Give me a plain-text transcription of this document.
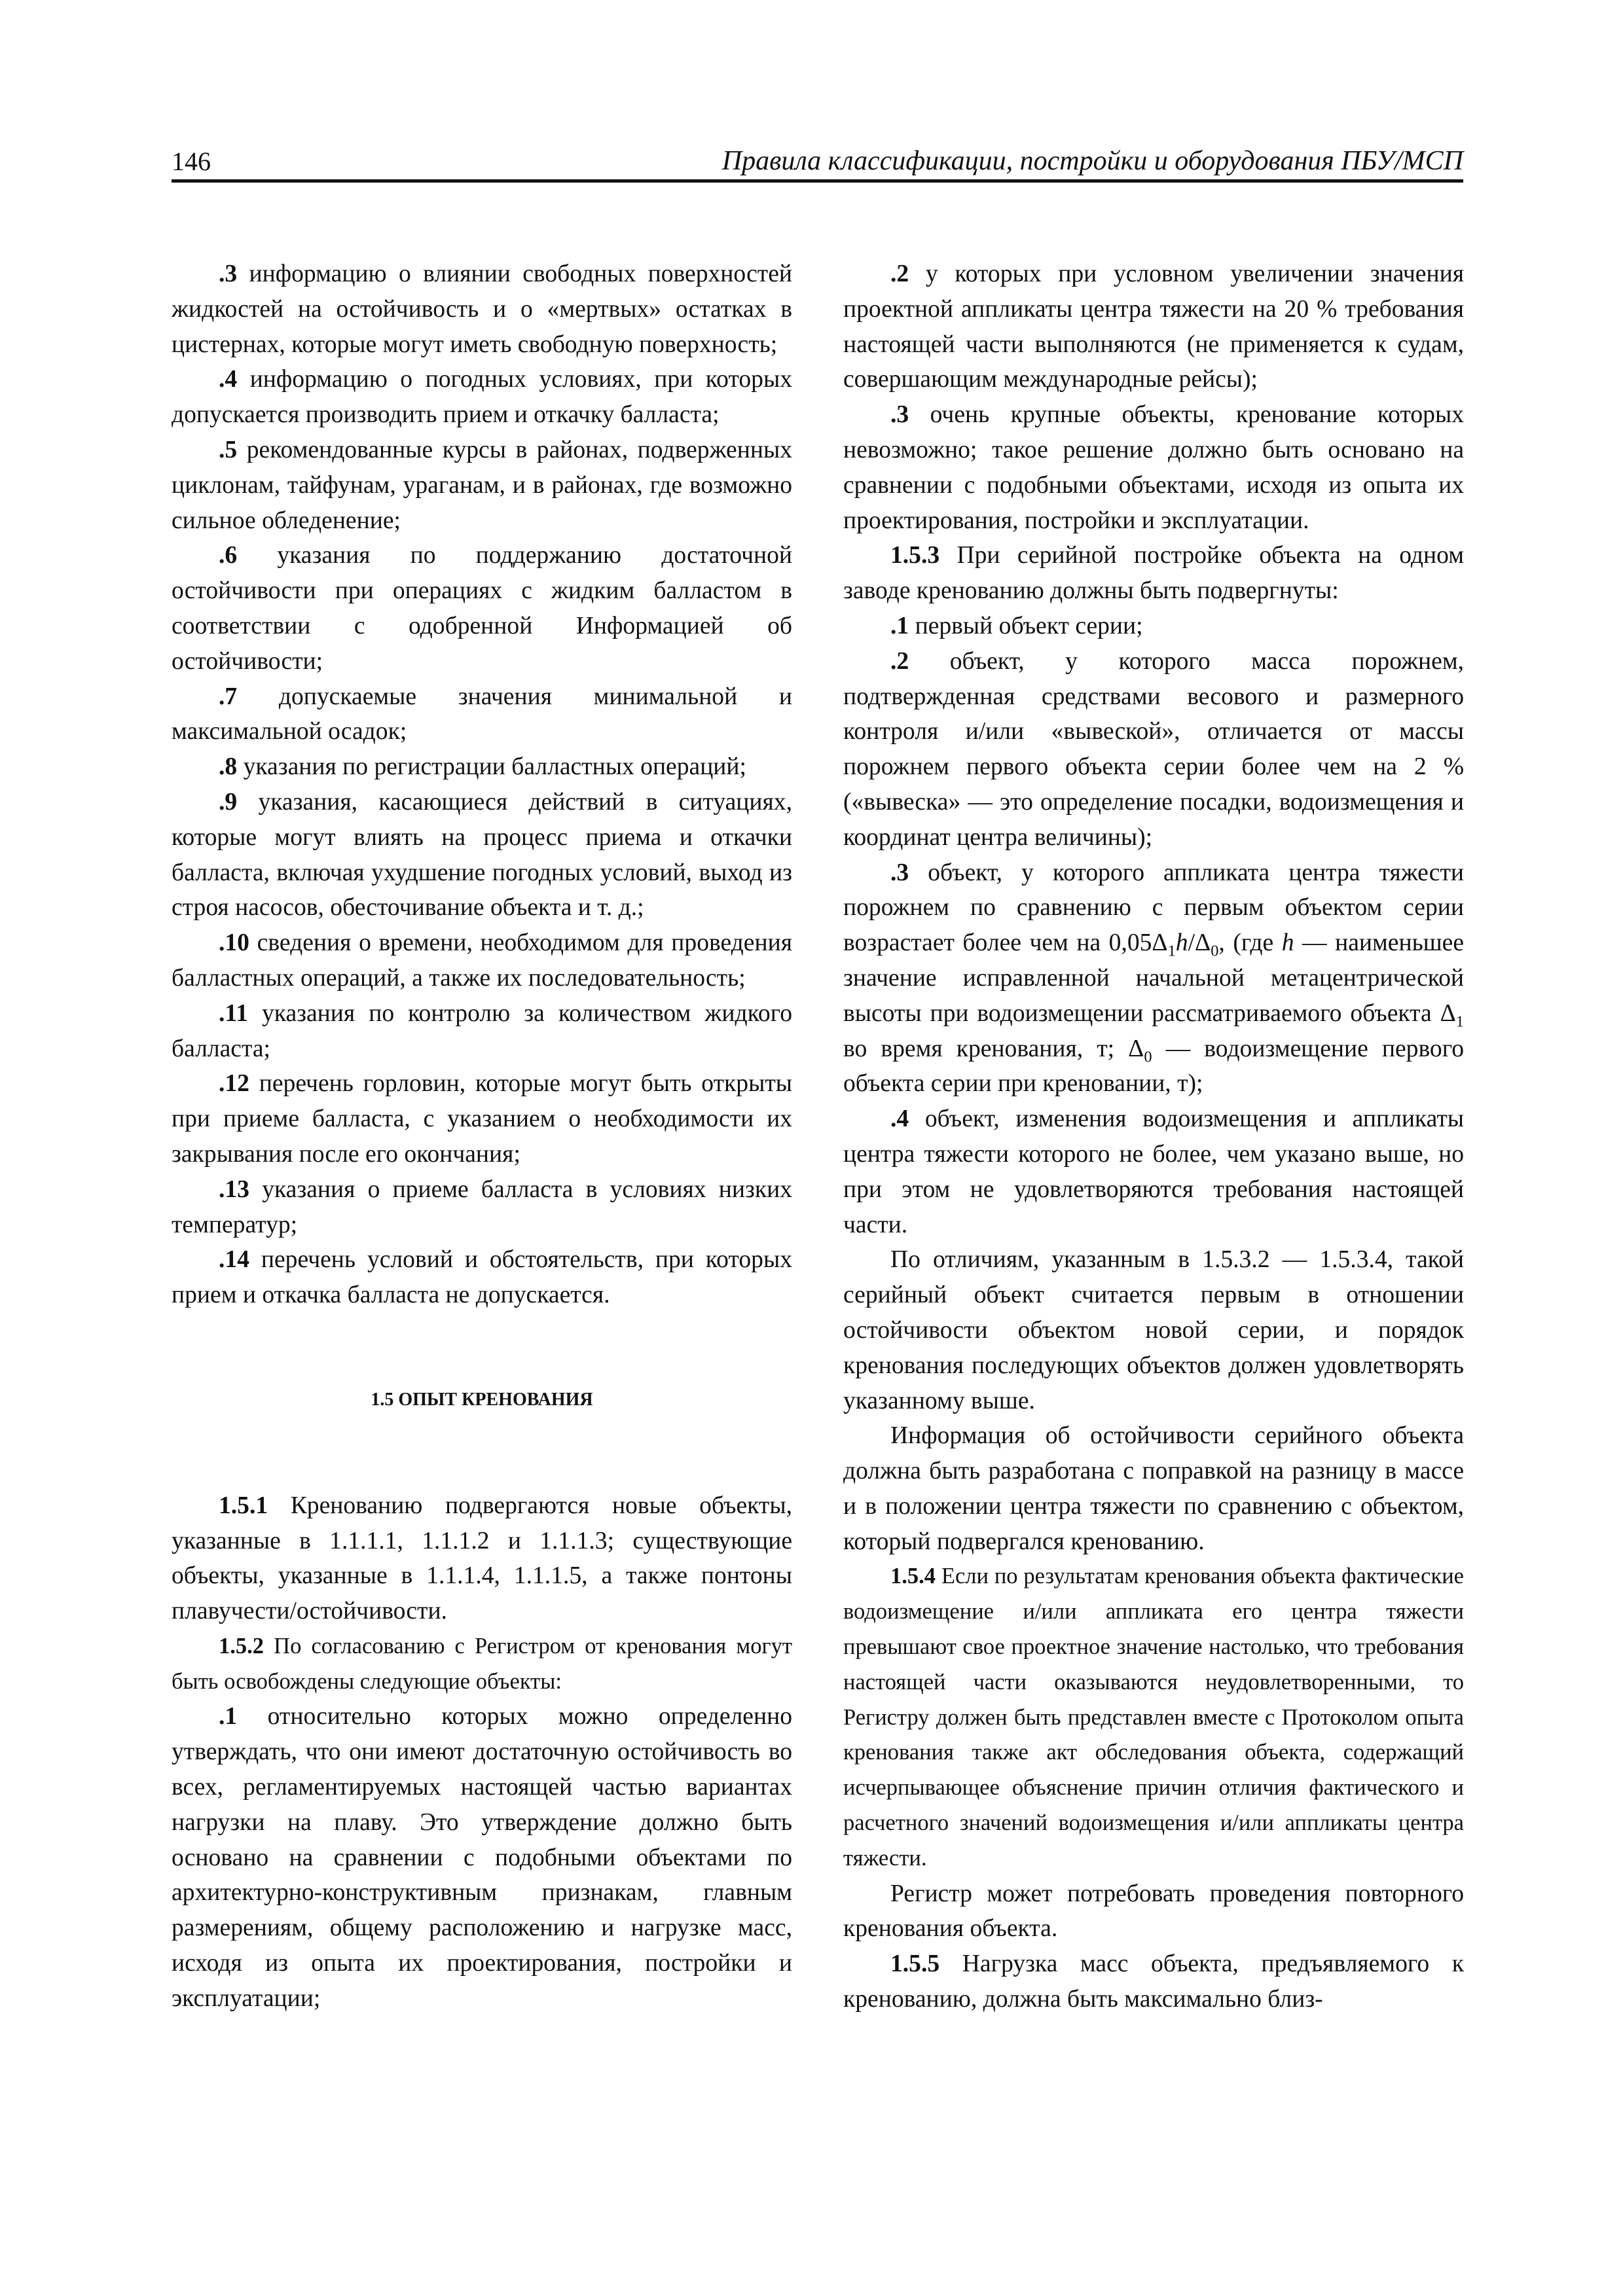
146	Правила классификации, постройки и оборудования ПБУ/МСП

.3 информацию о влиянии свободных поверхностей жидкостей на остойчивость и о «мертвых» остатках в цистернах, которые могут иметь свободную поверхность;

.4 информацию о погодных условиях, при которых допускается производить прием и откачку балласта;

.5 рекомендованные курсы в районах, подверженных циклонам, тайфунам, ураганам, и в районах, где возможно сильное обледенение;

.6 указания по поддержанию достаточной остойчивости при операциях с жидким балластом в соответствии с одобренной Информацией об остойчивости;

.7 допускаемые значения минимальной и максимальной осадок;

.8 указания по регистрации балластных операций;

.9 указания, касающиеся действий в ситуациях, которые могут влиять на процесс приема и откачки балласта, включая ухудшение погодных условий, выход из строя насосов, обесточивание объекта и т. д.;

.10 сведения о времени, необходимом для проведения балластных операций, а также их последовательность;

.11 указания по контролю за количеством жидкого балласта;

.12 перечень горловин, которые могут быть открыты при приеме балласта, с указанием о необходимости их закрывания после его окончания;

.13 указания о приеме балласта в условиях низких температур;

.14 перечень условий и обстоятельств, при которых прием и откачка балласта не допускается.

1.5 ОПЫТ КРЕНОВАНИЯ

1.5.1 Кренованию подвергаются новые объекты, указанные в 1.1.1.1, 1.1.1.2 и 1.1.1.3; существующие объекты, указанные в 1.1.1.4, 1.1.1.5, а также понтоны плавучести/остойчивости.

1.5.2 По согласованию с Регистром от кренования могут быть освобождены следующие объекты:

.1 относительно которых можно определенно утверждать, что они имеют достаточную остойчивость во всех, регламентируемых настоящей частью вариантах нагрузки на плаву. Это утверждение должно быть основано на сравнении с подобными объектами по архитектурно-конструктивным признакам, главным размерениям, общему расположению и нагрузке масс, исходя из опыта их проектирования, постройки и эксплуатации;

.2 у которых при условном увеличении значения проектной аппликаты центра тяжести на 20 % требования настоящей части выполняются (не применяется к судам, совершающим международные рейсы);

.3 очень крупные объекты, кренование которых невозможно; такое решение должно быть основано на сравнении с подобными объектами, исходя из опыта их проектирования, постройки и эксплуатации.

1.5.3 При серийной постройке объекта на одном заводе кренованию должны быть подвергнуты:

.1 первый объект серии;

.2 объект, у которого масса порожнем, подтвержденная средствами весового и размерного контроля и/или «вывеской», отличается от массы порожнем первого объекта серии более чем на 2 % («вывеска» — это определение посадки, водоизмещения и координат центра величины);

.3 объект, у которого аппликата центра тяжести порожнем по сравнению с первым объектом серии возрастает более чем на $0,05\Delta_1h/\Delta_0$, (где h — наименьшее значение исправленной начальной метацентрической высоты при водоизмещении рассматриваемого объекта $\Delta_1$ во время кренования, т; $\Delta_0$ — водоизмещение первого объекта серии при креновании, т);

.4 объект, изменения водоизмещения и аппликаты центра тяжести которого не более, чем указано выше, но при этом не удовлетворяются требования настоящей части.

По отличиям, указанным в 1.5.3.2 — 1.5.3.4, такой серийный объект считается первым в отношении остойчивости объектом новой серии, и порядок кренования последующих объектов должен удовлетворять указанному выше.

Информация об остойчивости серийного объекта должна быть разработана с поправкой на разницу в массе и в положении центра тяжести по сравнению с объектом, который подвергался кренованию.

1.5.4 Если по результатам кренования объекта фактические водоизмещение и/или аппликата его центра тяжести превышают свое проектное значение настолько, что требования настоящей части оказываются неудовлетворенными, то Регистру должен быть представлен вместе с Протоколом опыта кренования также акт обследования объекта, содержащий исчерпывающее объяснение причин отличия фактического и расчетного значений водоизмещения и/или аппликаты центра тяжести.

Регистр может потребовать проведения повторного кренования объекта.

1.5.5 Нагрузка масс объекта, предъявляемого к кренованию, должна быть максимально близ-
